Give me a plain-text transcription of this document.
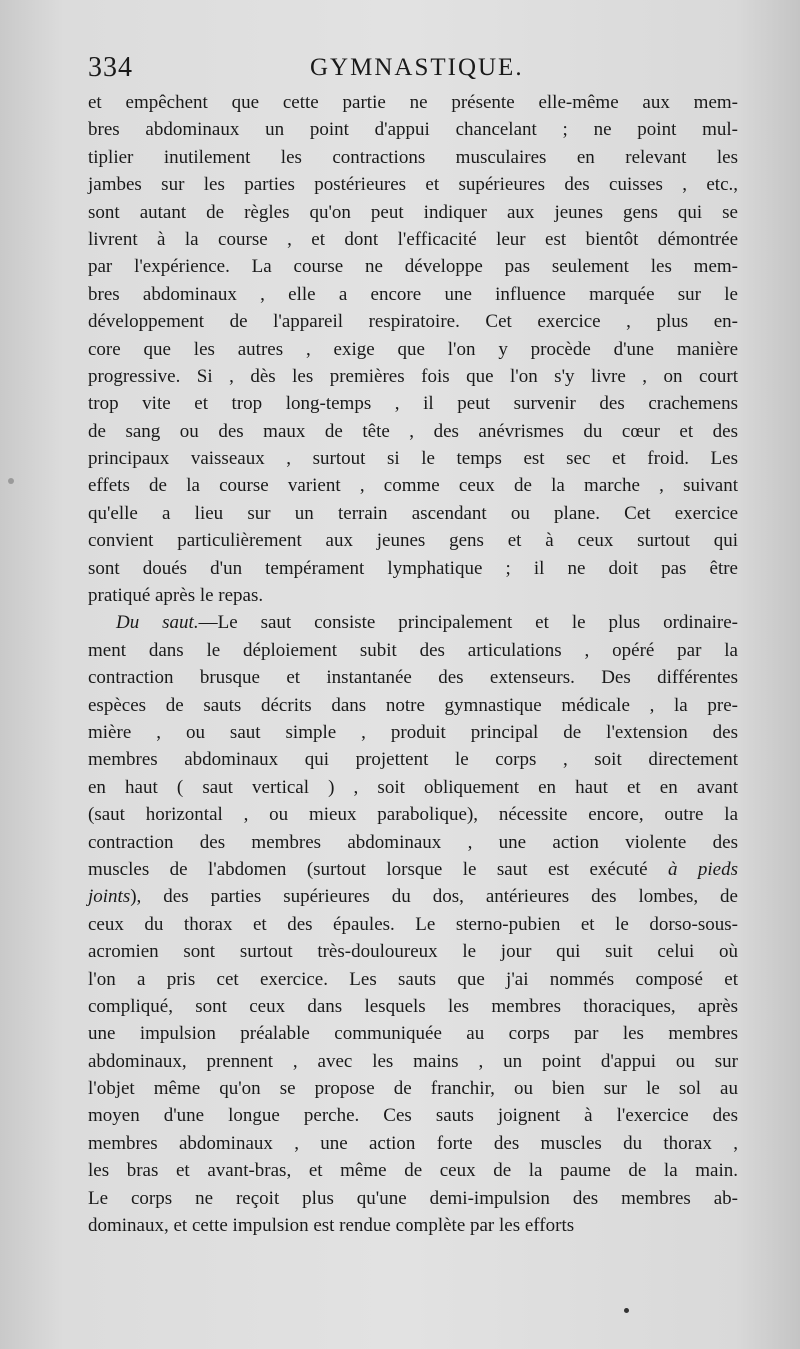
334	GYMNASTIQUE.
et empêchent que cette partie ne présente elle-même aux mem-
bres abdominaux un point d'appui chancelant ; ne point mul-
tiplier inutilement les contractions musculaires en relevant les
jambes sur les parties postérieures et supérieures des cuisses , etc.,
sont autant de règles qu'on peut indiquer aux jeunes gens qui se
livrent à la course , et dont l'efficacité leur est bientôt démontrée
par l'expérience. La course ne développe pas seulement les mem-
bres abdominaux , elle a encore une influence marquée sur le
développement de l'appareil respiratoire. Cet exercice , plus en-
core que les autres , exige que l'on y procède d'une manière
progressive. Si , dès les premières fois que l'on s'y livre , on court
trop vite et trop long-temps , il peut survenir des crachemens
de sang ou des maux de tête , des anévrismes du cœur et des
principaux vaisseaux , surtout si le temps est sec et froid. Les
effets de la course varient , comme ceux de la marche , suivant
qu'elle a lieu sur un terrain ascendant ou plane. Cet exercice
convient particulièrement aux jeunes gens et à ceux surtout qui
sont doués d'un tempérament lymphatique ; il ne doit pas être
pratiqué après le repas.
Du saut.—Le saut consiste principalement et le plus ordinaire-
ment dans le déploiement subit des articulations , opéré par la
contraction brusque et instantanée des extenseurs. Des différentes
espèces de sauts décrits dans notre gymnastique médicale , la pre-
mière , ou saut simple , produit principal de l'extension des
membres abdominaux qui projettent le corps , soit directement
en haut ( saut vertical ) , soit obliquement en haut et en avant
(saut horizontal , ou mieux parabolique), nécessite encore, outre la
contraction des membres abdominaux , une action violente des
muscles de l'abdomen (surtout lorsque le saut est exécuté à pieds
joints), des parties supérieures du dos, antérieures des lombes, de
ceux du thorax et des épaules. Le sterno-pubien et le dorso-sous-
acromien sont surtout très-douloureux le jour qui suit celui où
l'on a pris cet exercice. Les sauts que j'ai nommés composé et
compliqué, sont ceux dans lesquels les membres thoraciques, après
une impulsion préalable communiquée au corps par les membres
abdominaux, prennent , avec les mains , un point d'appui ou sur
l'objet même qu'on se propose de franchir, ou bien sur le sol au
moyen d'une longue perche. Ces sauts joignent à l'exercice des
membres abdominaux , une action forte des muscles du thorax ,
les bras et avant-bras, et même de ceux de la paume de la main.
Le corps ne reçoit plus qu'une demi-impulsion des membres ab-
dominaux, et cette impulsion est rendue complète par les efforts
